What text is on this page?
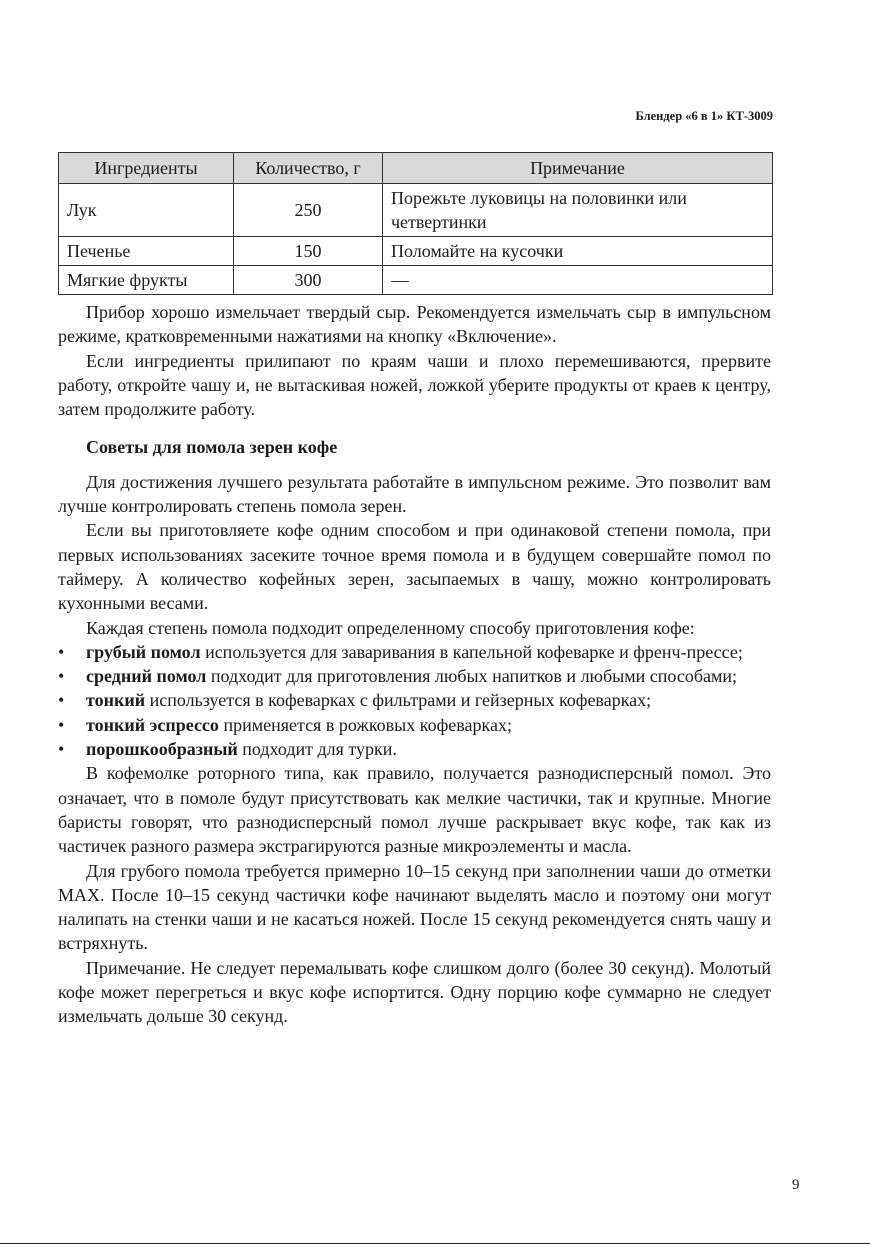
Блендер «6 в 1» КТ-3009
Ингредиенты	Количество, г	Примечание
Лук	250	Порежьте луковицы на половинки или четвертинки
Печенье	150	Поломайте на кусочки
Мягкие фрукты	300	—

Прибор хорошо измельчает твердый сыр. Рекомендуется измельчать сыр в импульсном режиме, кратковременными нажатиями на кнопку «Включение».

Если ингредиенты прилипают по краям чаши и плохо перемешиваются, прервите работу, откройте чашу и, не вытаскивая ножей, ложкой уберите продукты от краев к центру, затем продолжите работу.

Советы для помола зерен кофе

Для достижения лучшего результата работайте в импульсном режиме. Это позволит вам лучше контролировать степень помола зерен.

Если вы приготовляете кофе одним способом и при одинаковой степени помола, при первых использованиях засеките точное время помола и в будущем совершайте помол по таймеру. А количество кофейных зерен, засыпаемых в чашу, можно контролировать кухонными весами.

Каждая степень помола подходит определенному способу приготовления кофе:

• грубый помол используется для заваривания в капельной кофеварке и френч-прессе;
• средний помол подходит для приготовления любых напитков и любыми способами;
• тонкий используется в кофеварках с фильтрами и гейзерных кофеварках;
• тонкий эспрессо применяется в рожковых кофеварках;
• порошкообразный подходит для турки.

В кофемолке роторного типа, как правило, получается разнодисперсный помол. Это означает, что в помоле будут присутствовать как мелкие частички, так и крупные. Многие баристы говорят, что разнодисперсный помол лучше раскрывает вкус кофе, так как из частичек разного размера экстрагируются разные микроэлементы и масла.

Для грубого помола требуется примерно 10–15 секунд при заполнении чаши до отметки MAX. После 10–15 секунд частички кофе начинают выделять масло и поэтому они могут налипать на стенки чаши и не касаться ножей. После 15 секунд рекомендуется снять чашу и встряхнуть.

Примечание. Не следует перемалывать кофе слишком долго (более 30 секунд). Молотый кофе может перегреться и вкус кофе испортится. Одну порцию кофе суммарно не следует измельчать дольше 30 секунд.

9
